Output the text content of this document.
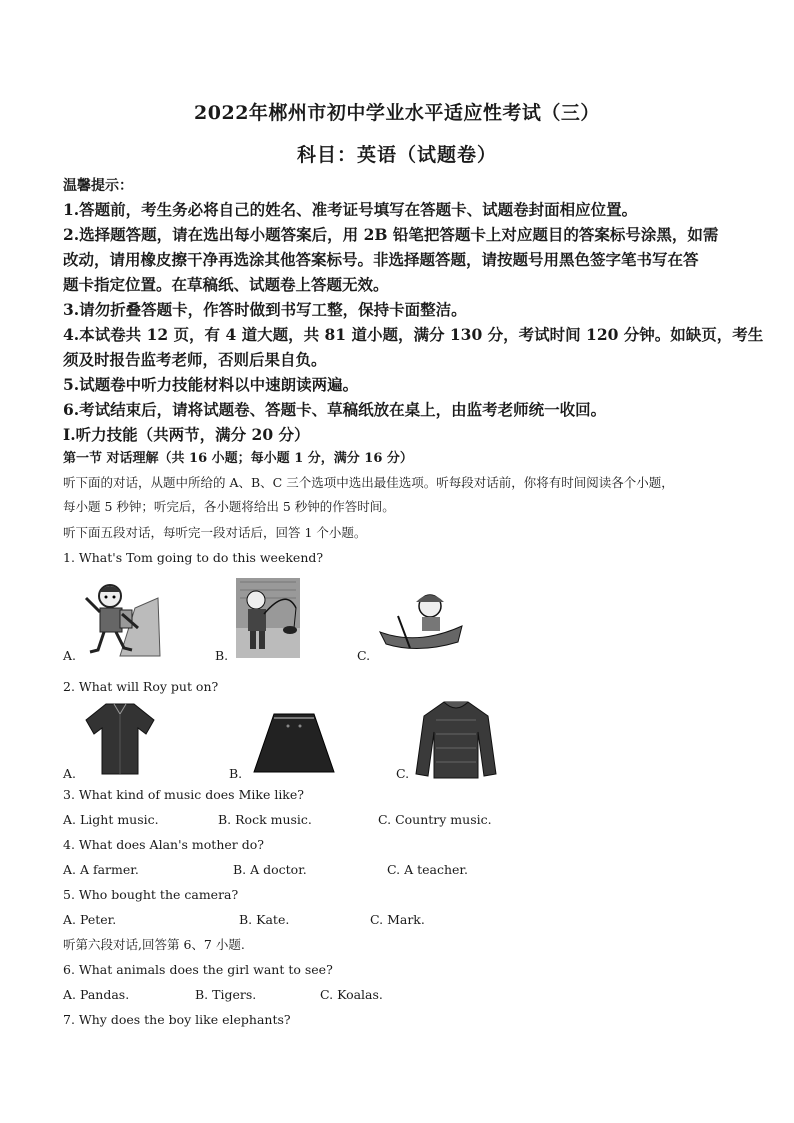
2022年郴州市初中学业水平适应性考试（三）
科目：英语（试题卷）
温馨提示：
1.答题前，考生务必将自己的姓名、准考证号填写在答题卡、试题卷封面相应位置。
2.选择题答题，请在选出每小题答案后，用 2B 铅笔把答题卡上对应题目的答案标号涂黑，如需
改动，请用橡皮擦干净再选涂其他答案标号。非选择题答题，请按题号用黑色签字笔书写在答
题卡指定位置。在草稿纸、试题卷上答题无效。
3.请勿折叠答题卡，作答时做到书写工整，保持卡面整洁。
4.本试卷共 12 页，有 4 道大题，共 81 道小题，满分 130 分，考试时间 120 分钟。如缺页，考生
须及时报告监考老师，否则后果自负。
5.试题卷中听力技能材料以中速朗读两遍。
6.考试结束后，请将试题卷、答题卡、草稿纸放在桌上，由监考老师统一收回。
I.听力技能（共两节，满分 20 分）
第一节 对话理解（共 16 小题；每小题 1 分，满分 16 分）
听下面的对话，从题中所给的 A、B、C 三个选项中选出最佳选项。听每段对话前，你将有时间阅读各个小题，
每小题 5 秒钟；听完后，各小题将给出 5 秒钟的作答时间。
听下面五段对话，每听完一段对话后，回答 1 个小题。
1. What's Tom going to do this weekend?
A.	B.	C.
2. What will Roy put on?
A.	B.	C.
3. What kind of music does Mike like?
A. Light music.	B. Rock music.	C. Country music.
4. What does Alan's mother do?
A. A farmer.	B. A doctor.	C. A teacher.
5. Who bought the camera?
A. Peter.	B. Kate.	C. Mark.
听第六段对话,回答第 6、7 小题.
6. What animals does the girl want to see?
A. Pandas.	B. Tigers.	C. Koalas.
7. Why does the boy like elephants?
